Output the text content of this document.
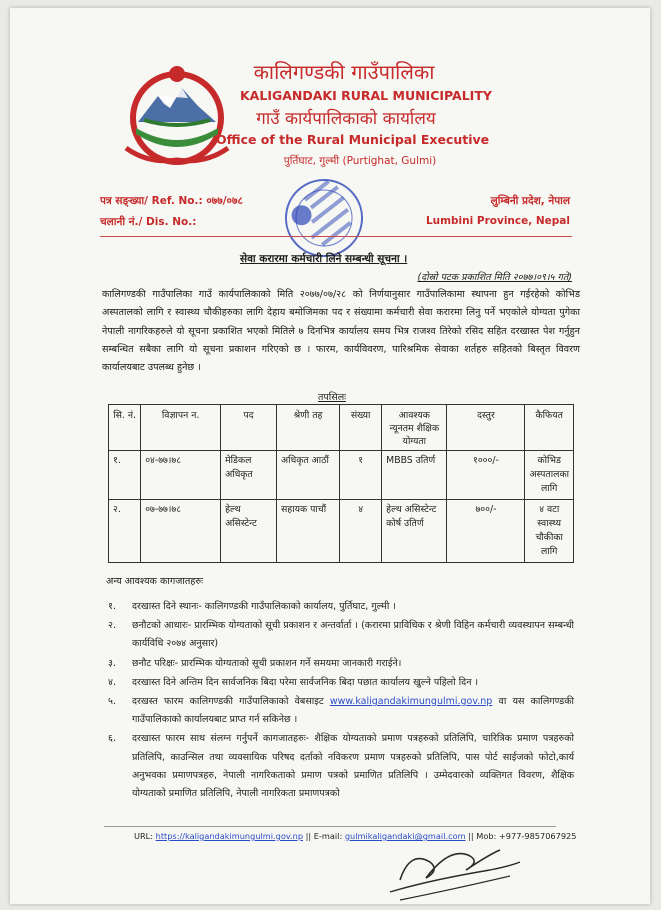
कालिगण्डकी गाउँपालिका
KALIGANDAKI RURAL MUNICIPALITY
गाउँ कार्यपालिकाको कार्यालय
Office of the Rural Municipal Executive
पुर्तिघाट, गुल्मी (Purtighat, Gulmi)
पत्र सङ्ख्या/ Ref. No.: ०७७/०७८
चलानी नं./ Dis. No.:
लुम्बिनी प्रदेश, नेपाल
Lumbini Province, Nepal
सेवा करारमा कर्मचारी लिने सम्बन्धी सूचना ।
(दोस्रो पटक प्रकाशित मिति २०७७।०९।५ गते)
कालिगण्डकी गाउँपालिका गाउँ कार्यपालिकाको मिति २०७७/०७/२८ को निर्णयानुसार गाउँपालिकामा स्थापना हुन गईरहेको कोभिड अस्पतालको लागि र स्वास्थ्य चौकीहरुका लागि देहाय बमोजिमका पद र संख्यामा कर्मचारी सेवा करारमा लिनु पर्ने भएकोले योग्यता पुगेका नेपाली नागरिकहरुले यो सूचना प्रकाशित भएको मितिले ७ दिनभित्र कार्यालय समय भित्र राजश्व तिरेको रसिद सहित दरखास्त पेश गर्नुहुन सम्बन्धित सबैका लागि यो सूचना प्रकाशन गरिएको छ । फारम, कार्यविवरण, पारिश्रमिक सेवाका शर्तहरु सहितको बिस्तृत विवरण कार्यालयबाट उपलब्ध हुनेछ ।
तपसिलः
सि. नं.	विज्ञापन न.	पद	श्रेणी तह	संख्या	आवश्यक न्यूनतम शैक्षिक योग्यता	दस्तुर	कैफियत
१.	०४-७७।७८	मेडिकल अधिकृत	अधिकृत आठौं	१	MBBS उतिर्ण	१०००/-	कोभिड अस्पतालका लागि
२.	०७-७७।७८	हेल्थ असिस्टेन्ट	सहायक पाचौं	४	हेल्थ असिस्टेन्ट कोर्ष उतिर्ण	७००/-	४ वटा स्वास्थ्य चौकीका लागि
अन्य आवश्यक कागजातहरुः
१. दरखास्त दिने स्थानः- कालिगण्डकी गाउँपालिकाको कार्यालय, पुर्तिघाट, गुल्मी ।
२. छनौटको आधारः- प्रारम्भिक योग्यताको सूची प्रकाशन र अन्तर्वार्ता । (करारमा प्राविधिक र श्रेणी विहिन कर्मचारी व्यवस्थापन सम्बन्धी कार्यविधि २०७४ अनुसार)
३. छनौट परिक्षः- प्रारम्भिक योग्यताको सूची प्रकाशन गर्ने समयमा जानकारी गराईने।
४. दरखास्त दिने अन्तिम दिन सार्वजनिक बिदा परेमा सार्वजनिक बिदा पछात कार्यालय खुल्ने पहिलो दिन ।
५. दरखस्त फारम कालिगण्डकी गाउँपालिकाको वेबसाइट www.kaligandakimungulmi.gov.np वा यस कालिगण्डकी गाउँपालिकाको कार्यालयबाट प्राप्त गर्न सकिनेछ ।
६. दरखास्त फारम साथ संलग्न गर्नुपर्ने कागजातहरुः- शैक्षिक योग्यताको प्रमाण पत्रहरुको प्रतिलिपि, चारित्रिक प्रमाण पत्रहरुको प्रतिलिपि, काउन्सिल तथा व्यवसायिक परिषद दर्ताको नविकरण प्रमाण पत्रहरुको प्रतिलिपि, पास पोर्ट साईजको फोटो,कार्य अनुभवका प्रमाणपत्रहरु, नेपाली नागरिकताको प्रमाण पत्रको प्रमाणित प्रतिलिपि । उम्मेदवारको व्यक्तिगत विवरण, शैक्षिक योग्यताको प्रमाणित प्रतिलिपि, नेपाली नागरिकता प्रमाणपत्रको
URL: https://kaligandakimungulmi.gov.np || E-mail: gulmikaligandaki@gmail.com || Mob: +977-9857067925
